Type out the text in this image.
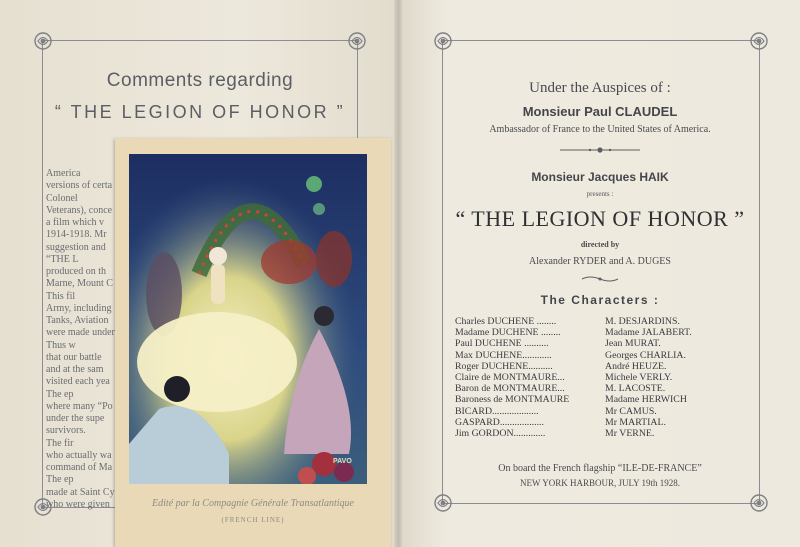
Comments regarding
“ THE LEGION OF HONOR ”
America
versions of certa
Colonel
Veterans), conce
a film which v
1914-1918. Mr
suggestion and
“THE L
produced on th
Marne, Mount C
This fil
Army, including
Tanks, Aviation
were made under
Thus w
that our battle
and at the sam
visited each yea
The ep
where many “Po
under the supe
survivors.
The fir
who actually wa
command of Ma
The ep
made at Saint Cy
who were given
PAVO
Edité par la Compagnie Générale Transatlantique
(FRENCH LINE)
Under the Auspices of :
Monsieur Paul CLAUDEL
Ambassador of France to the United States of America.
Monsieur Jacques HAIK
presents :
“ THE LEGION OF HONOR ”
directed by
Alexander RYDER and A. DUGES
The Characters :
Charles DUCHENE ........	M. DESJARDINS.
Madame DUCHENE ........	Madame JALABERT.
Paul DUCHENE ..........	Jean MURAT.
Max DUCHENE............	Georges CHARLIA.
Roger DUCHENE..........	André HEUZE.
Claire de MONTMAURE...	Michele VERLY.
Baron de MONTMAURE...	M. LACOSTE.
Baroness de MONTMAURE	Madame HERWICH
BICARD...................	Mr CAMUS.
GASPARD..................	Mr MARTIAL.
Jim GORDON.............	Mr VERNE.
On board the French flagship “ILE-DE-FRANCE”
NEW YORK HARBOUR, JULY 19th 1928.
